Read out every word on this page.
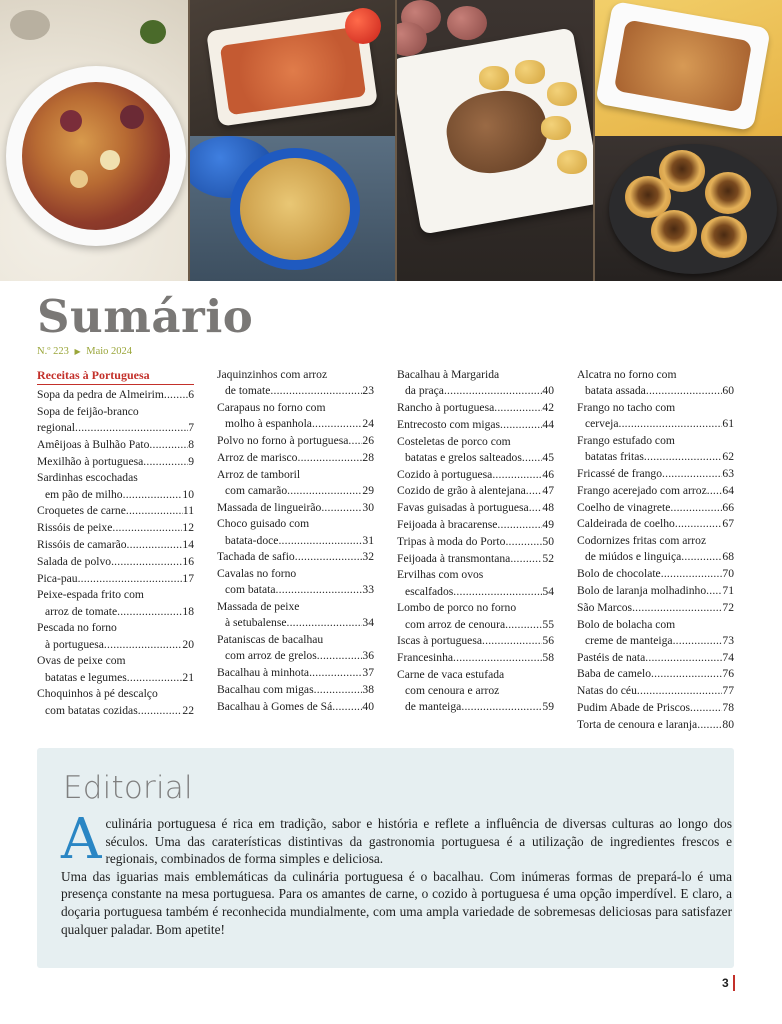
Sumário
N.º 223 ▶ Maio 2024
Receitas à Portuguesa
Sopa da pedra de Almeirim ..... 6
Sopa de feijão-branco
regional .....	7
Amêijoas à Bulhão Pato .....	8
Mexilhão à portuguesa .....	9
Sardinhas escochadas
em pão de milho .....	10
Croquetes de carne .....	11
Rissóis de peixe .....	12
Rissóis de camarão .....	14
Salada de polvo .....	16
Pica-pau .....	17
Peixe-espada frito com
arroz de tomate .....	18
Pescada no forno
à portuguesa .....	20
Ovas de peixe com
batatas e legumes .....	21
Choquinhos à pé descalço
com batatas cozidas .....	22
Jaquinzinhos com arroz
de tomate .....	23
Carapaus no forno com
molho à espanhola .....	24
Polvo no forno à portuguesa ..... 26
Arroz de marisco .....	28
Arroz de tamboril
com camarão .....	29
Massada de lingueirão .....	30
Choco guisado com
batata-doce .....	31
Tachada de safio .....	32
Cavalas no forno
com batata .....	33
Massada de peixe
à setubalense .....	34
Pataniscas de bacalhau
com arroz de grelos .....	36
Bacalhau à minhota .....	37
Bacalhau com migas .....	38
Bacalhau à Gomes de Sá .....	40
Bacalhau à Margarida
da praça .....	40
Rancho à portuguesa .....	42
Entrecosto com migas .....	44
Costeletas de porco com
batatas e grelos salteados ..... 45
Cozido à portuguesa .....	46
Cozido de grão à alentejana ..... 47
Favas guisadas à portuguesa ..... 48
Feijoada à bracarense .....	49
Tripas à moda do Porto .....	50
Feijoada à transmontana .....	52
Ervilhas com ovos
escalfados .....	54
Lombo de porco no forno
com arroz de cenoura .....	55
Iscas à portuguesa .....	56
Francesinha .....	58
Carne de vaca estufada
com cenoura e arroz
de manteiga .....	59
Alcatra no forno com
batata assada .....	60
Frango no tacho com
cerveja .....	61
Frango estufado com
batatas fritas .....	62
Fricassé de frango .....	63
Frango acerejado com arroz ..... 64
Coelho de vinagrete .....	66
Caldeirada de coelho .....	67
Codornizes fritas com arroz
de miúdos e linguiça .....	68
Bolo de chocolate .....	70
Bolo de laranja molhadinho ..... 71
São Marcos .....	72
Bolo de bolacha com
creme de manteiga .....	73
Pastéis de nata .....	74
Baba de camelo .....	76
Natas do céu .....	77
Pudim Abade de Priscos .....	78
Torta de cenoura e laranja ..... 80
Editorial
A culinária portuguesa é rica em tradição, sabor e história e reflete a influência de diversas culturas ao longo dos séculos. Uma das caraterísticas distintivas da gastronomia portuguesa é a utilização de ingredientes frescos e regionais, combinados de forma simples e deliciosa.

Uma das iguarias mais emblemáticas da culinária portuguesa é o bacalhau. Com inúmeras formas de prepará-lo é uma presença constante na mesa portuguesa. Para os amantes de carne, o cozido à portuguesa é uma opção imperdível. E claro, a doçaria portuguesa também é reconhecida mundialmente, com uma ampla variedade de sobremesas deliciosas para satisfazer qualquer paladar. Bom apetite!

3
